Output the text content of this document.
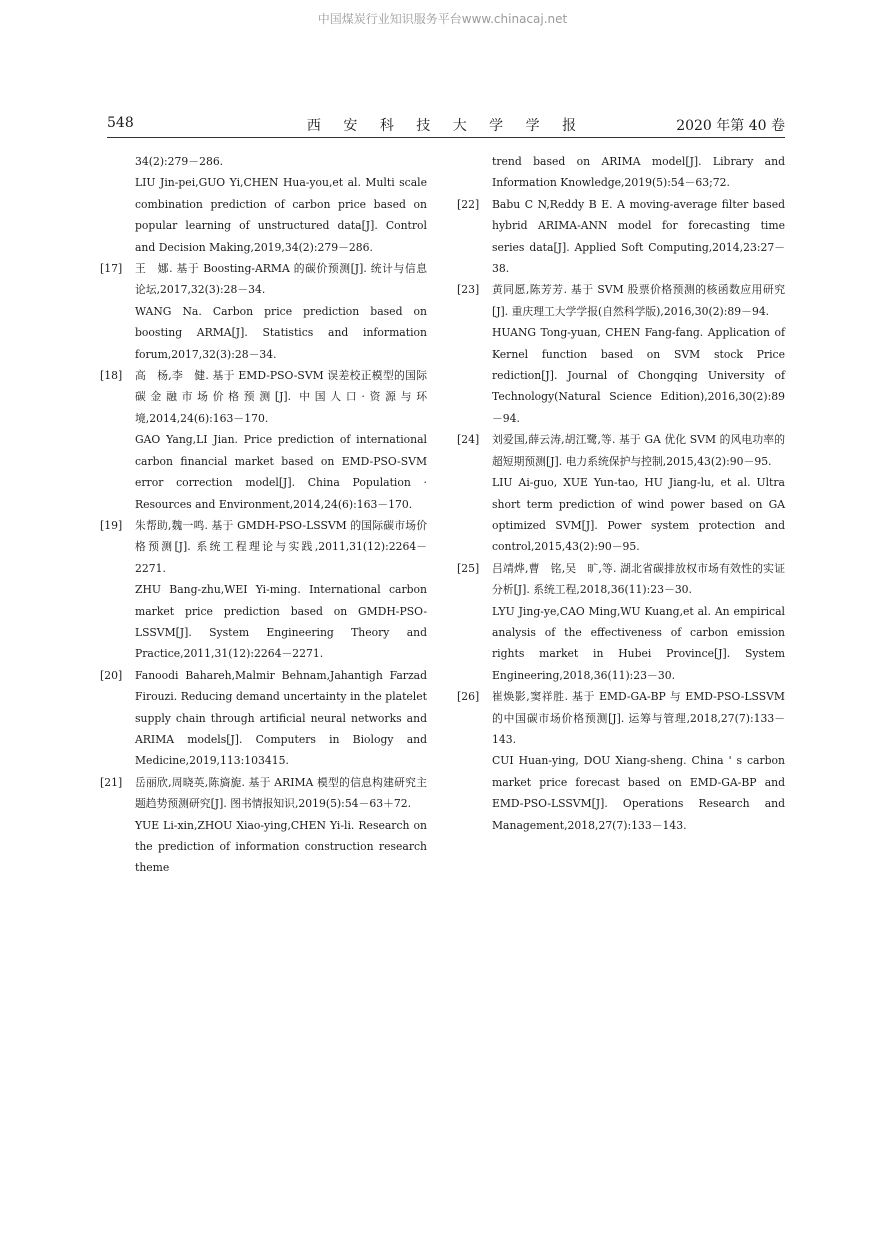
中国煤炭行业知识服务平台www.chinacaj.net
548	西 安 科 技 大 学 学 报	2020 年第 40 卷
34(2):279－286.
LIU Jin-pei,GUO Yi,CHEN Hua-you,et al. Multi scale combination prediction of carbon price based on popular learning of unstructured data[J]. Control and Decision Making,2019,34(2):279－286.
[17] 王　娜. 基于 Boosting-ARMA 的碳价预测[J]. 统计与信息论坛,2017,32(3):28－34.
WANG Na. Carbon price prediction based on boosting ARMA[J]. Statistics and information forum,2017,32(3):28－34.
[18] 高　杨,李　健. 基于 EMD-PSO-SVM 误差校正模型的国际碳金融市场价格预测[J]. 中国人口·资源与环境,2014,24(6):163－170.
GAO Yang,LI Jian. Price prediction of international carbon financial market based on EMD-PSO-SVM error correction model[J]. China Population · Resources and Environment,2014,24(6):163－170.
[19] 朱帮助,魏一鸣. 基于 GMDH-PSO-LSSVM 的国际碳市场价格预测[J]. 系统工程理论与实践,2011,31(12):2264－2271.
ZHU Bang-zhu,WEI Yi-ming. International carbon market price prediction based on GMDH-PSO-LSSVM[J]. System Engineering Theory and Practice,2011,31(12):2264－2271.
[20] Fanoodi Bahareh,Malmir Behnam,Jahantigh Farzad Firouzi. Reducing demand uncertainty in the platelet supply chain through artificial neural networks and ARIMA models[J]. Computers in Biology and Medicine,2019,113:103415.
[21] 岳丽欣,周晓英,陈旖旎. 基于 ARIMA 模型的信息构建研究主题趋势预测研究[J]. 图书情报知识,2019(5):54－63＋72.
YUE Li-xin,ZHOU Xiao-ying,CHEN Yi-li. Research on the prediction of information construction research theme
trend based on ARIMA model[J]. Library and Information Knowledge,2019(5):54－63;72.
[22] Babu C N,Reddy B E. A moving-average filter based hybrid ARIMA-ANN model for forecasting time series data[J]. Applied Soft Computing,2014,23:27－38.
[23] 黄同愿,陈芳芳. 基于 SVM 股票价格预测的核函数应用研究[J]. 重庆理工大学学报(自然科学版),2016,30(2):89－94.
HUANG Tong-yuan, CHEN Fang-fang. Application of Kernel function based on SVM stock Price rediction[J]. Journal of Chongqing University of Technology(Natural Science Edition),2016,30(2):89－94.
[24] 刘爱国,薛云涛,胡江鹭,等. 基于 GA 优化 SVM 的风电功率的超短期预测[J]. 电力系统保护与控制,2015,43(2):90－95.
LIU Ai-guo, XUE Yun-tao, HU Jiang-lu, et al. Ultra short term prediction of wind power based on GA optimized SVM[J]. Power system protection and control,2015,43(2):90－95.
[25] 吕靖烨,曹　铭,吴　旷,等. 湖北省碳排放权市场有效性的实证分析[J]. 系统工程,2018,36(11):23－30.
LYU Jing-ye,CAO Ming,WU Kuang,et al. An empirical analysis of the effectiveness of carbon emission rights market in Hubei Province[J]. System Engineering,2018,36(11):23－30.
[26] 崔焕影,窦祥胜. 基于 EMD-GA-BP 与 EMD-PSO-LSSVM 的中国碳市场价格预测[J]. 运筹与管理,2018,27(7):133－143.
CUI Huan-ying, DOU Xiang-sheng. China ' s carbon market price forecast based on EMD-GA-BP and EMD-PSO-LSSVM[J]. Operations Research and Management,2018,27(7):133－143.
